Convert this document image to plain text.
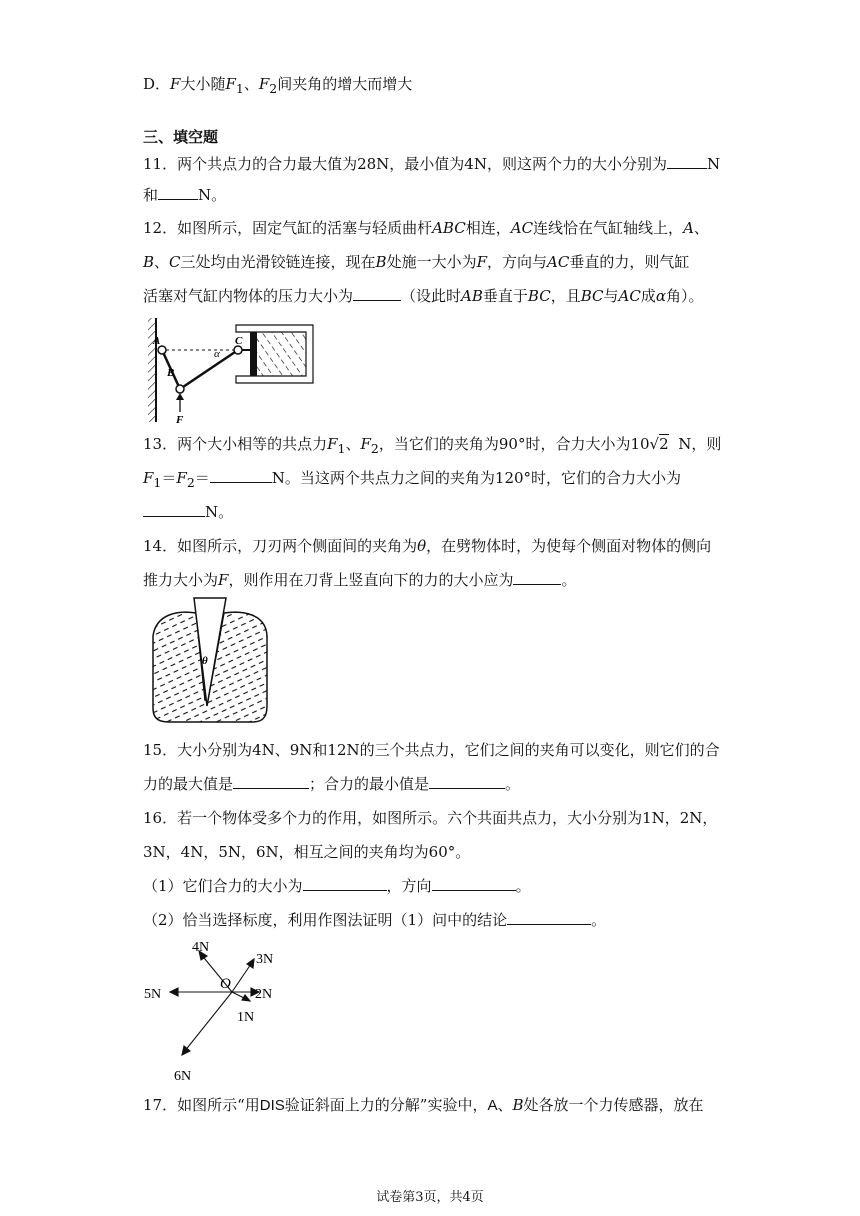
D．F大小随$F_1$、$F_2$间夹角的增大而增大
三、填空题
11．两个共点力的合力最大值为28N，最小值为4N，则这两个力的大小分别为	N
和	N。
12．如图所示，固定气缸的活塞与轻质曲杆ABC相连，AC连线恰在气缸轴线上，A、
B、C三处均由光滑铰链连接，现在B处施一大小为F，方向与AC垂直的力，则气缸
活塞对气缸内物体的压力大小为	（设此时AB垂直于BC，且BC与AC成α角）。
A
B
C
α
F
13．两个大小相等的共点力$F_1$、$F_2$，当它们的夹角为90°时，合力大小为10√2 N，则
$F_1=F_2=$	N。当这两个共点力之间的夹角为120°时，它们的合力大小为
N。
14．如图所示，刀刃两个侧面间的夹角为θ，在劈物体时，为使每个侧面对物体的侧向
推力大小为F，则作用在刀背上竖直向下的力的大小应为	。
θ
15．大小分别为4N、9N和12N的三个共点力，它们之间的夹角可以变化，则它们的合
力的最大值是	；合力的最小值是	。
16．若一个物体受多个力的作用，如图所示。六个共面共点力，大小分别为1N，2N，
3N，4N，5N，6N，相互之间的夹角均为60°。
（1）它们合力的大小为	，方向	。
（2）恰当选择标度，利用作图法证明（1）问中的结论	。
O
1N
2N
3N
4N
5N
6N
17．如图所示“用DIS验证斜面上力的分解”实验中，A、B处各放一个力传感器，放在
试卷第3页，共4页
